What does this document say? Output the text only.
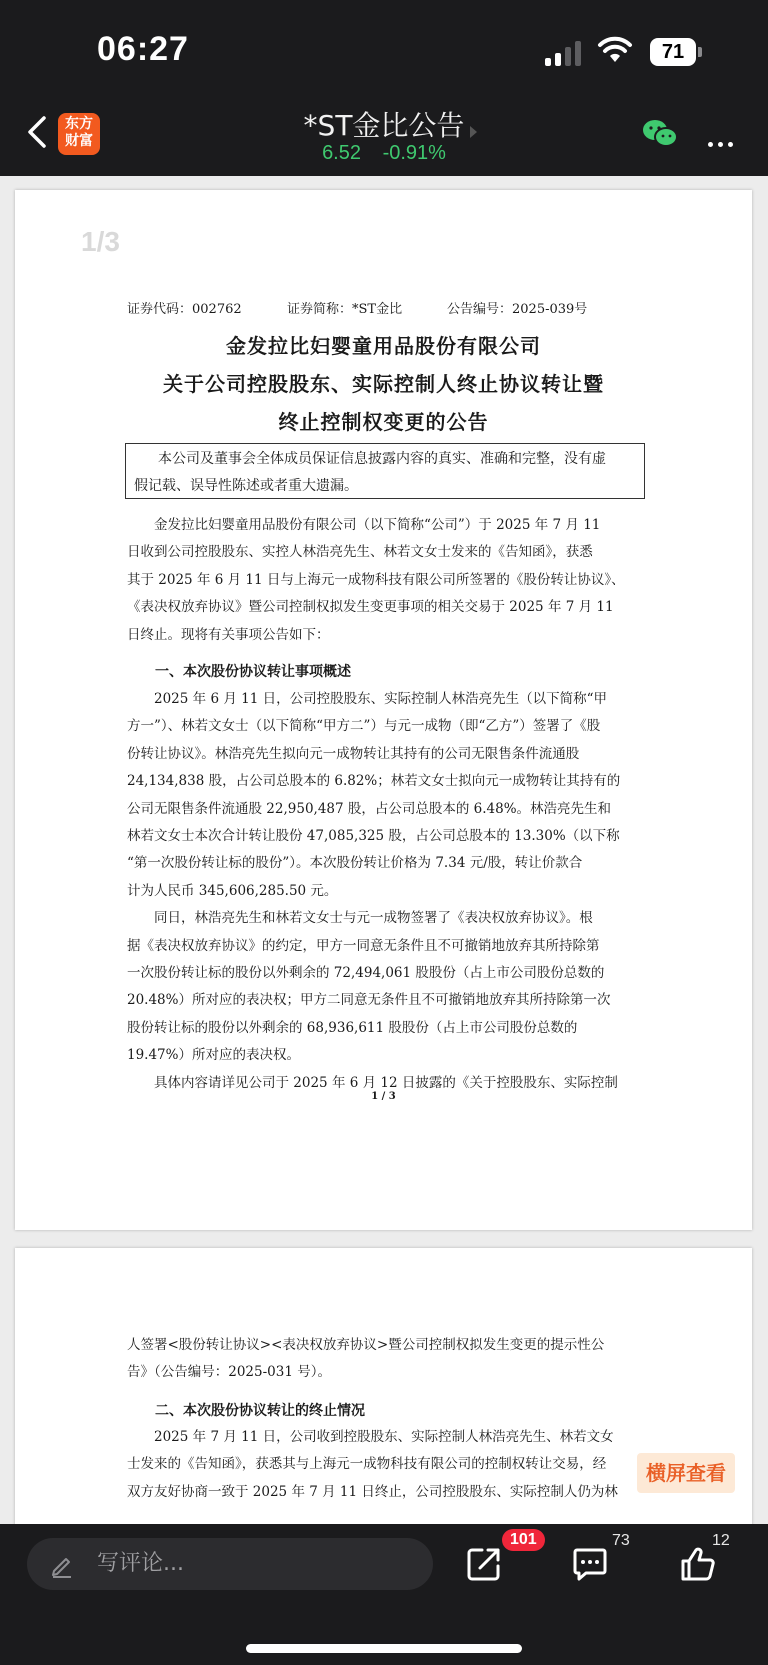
06:27	71
东方
财富	*ST金比公告
6.52 -0.91%
1/3
证券代码：002762	证券简称：*ST金比	公告编号：2025-039号
金发拉比妇婴童用品股份有限公司
关于公司控股股东、实际控制人终止协议转让暨
终止控制权变更的公告
本公司及董事会全体成员保证信息披露内容的真实、准确和完整，没有虚
假记载、误导性陈述或者重大遗漏。
金发拉比妇婴童用品股份有限公司（以下简称“公司”）于 2025 年 7 月 11
日收到公司控股股东、实控人林浩亮先生、林若文女士发来的《告知函》，获悉
其于 2025 年 6 月 11 日与上海元一成物科技有限公司所签署的《股份转让协议》、
《表决权放弃协议》暨公司控制权拟发生变更事项的相关交易于 2025 年 7 月 11
日终止。现将有关事项公告如下：
一、本次股份协议转让事项概述
2025 年 6 月 11 日，公司控股股东、实际控制人林浩亮先生（以下简称“甲
方一”）、林若文女士（以下简称“甲方二”）与元一成物（即“乙方”）签署了《股
份转让协议》。林浩亮先生拟向元一成物转让其持有的公司无限售条件流通股
24,134,838 股，占公司总股本的 6.82%；林若文女士拟向元一成物转让其持有的
公司无限售条件流通股 22,950,487 股，占公司总股本的 6.48%。林浩亮先生和
林若文女士本次合计转让股份 47,085,325 股，占公司总股本的 13.30%（以下称
“第一次股份转让标的股份”）。本次股份转让价格为 7.34 元/股，转让价款合
计为人民币 345,606,285.50 元。
同日，林浩亮先生和林若文女士与元一成物签署了《表决权放弃协议》。根
据《表决权放弃协议》的约定，甲方一同意无条件且不可撤销地放弃其所持除第
一次股份转让标的股份以外剩余的 72,494,061 股股份（占上市公司股份总数的
20.48%）所对应的表决权；甲方二同意无条件且不可撤销地放弃其所持除第一次
股份转让标的股份以外剩余的 68,936,611 股股份（占上市公司股份总数的
19.47%）所对应的表决权。
具体内容请详见公司于 2025 年 6 月 12 日披露的《关于控股股东、实际控制
1 / 3
人签署<股份转让协议><表决权放弃协议>暨公司控制权拟发生变更的提示性公
告》（公告编号：2025-031 号）。
二、本次股份协议转让的终止情况
2025 年 7 月 11 日，公司收到控股股东、实际控制人林浩亮先生、林若文女
士发来的《告知函》，获悉其与上海元一成物科技有限公司的控制权转让交易，经
双方友好协商一致于 2025 年 7 月 11 日终止，公司控股股东、实际控制人仍为林
横屏查看
写评论...
101	73	12
